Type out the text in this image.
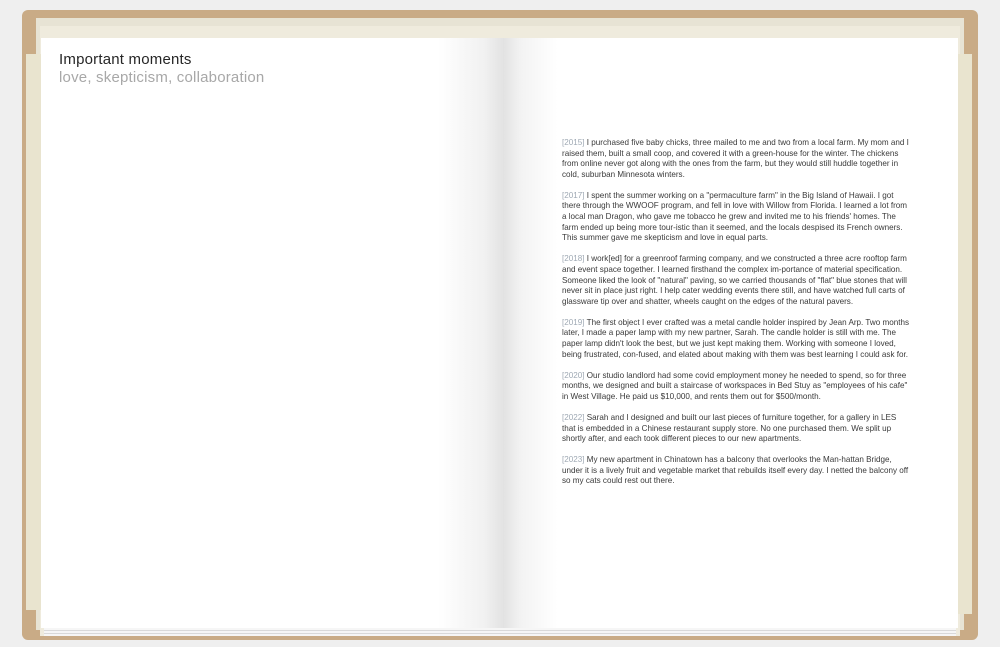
Important moments
love, skepticism, collaboration

[2015] I purchased five baby chicks, three mailed to me and two from a local farm. My mom and I raised them, built a small coop, and covered it with a green-house for the winter. The chickens from online never got along with the ones from the farm, but they would still huddle together in cold, suburban Minnesota winters.

[2017] I spent the summer working on a "permaculture farm" in the Big Island of Hawaii. I got there through the WWOOF program, and fell in love with Willow from Florida. I learned a lot from a local man Dragon, who gave me tobacco he grew and invited me to his friends' homes. The farm ended up being more tour-istic than it seemed, and the locals despised its French owners. This summer gave me skepticism and love in equal parts.

[2018] I work[ed] for a greenroof farming company, and we constructed a three acre rooftop farm and event space together. I learned firsthand the complex im-portance of material specification. Someone liked the look of "natural" paving, so we carried thousands of "flat" blue stones that will never sit in place just right. I help cater wedding events there still, and have watched full carts of glassware tip over and shatter, wheels caught on the edges of the natural pavers.

[2019] The first object I ever crafted was a metal candle holder inspired by Jean Arp. Two months later, I made a paper lamp with my new partner, Sarah. The candle holder is still with me. The paper lamp didn't look the best, but we just kept making them. Working with someone I loved, being frustrated, con-fused, and elated about making with them was best learning I could ask for.

[2020] Our studio landlord had some covid employment money he needed to spend, so for three months, we designed and built a staircase of workspaces in Bed Stuy as "employees of his cafe" in West Village. He paid us $10,000, and rents them out for $500/month.

[2022] Sarah and I designed and built our last pieces of furniture together, for a gallery in LES that is embedded in a Chinese restaurant supply store. No one purchased them. We split up shortly after, and each took different pieces to our new apartments.

[2023] My new apartment in Chinatown has a balcony that overlooks the Man-hattan Bridge, under it is a lively fruit and vegetable market that rebuilds itself every day. I netted the balcony off so my cats could rest out there.
